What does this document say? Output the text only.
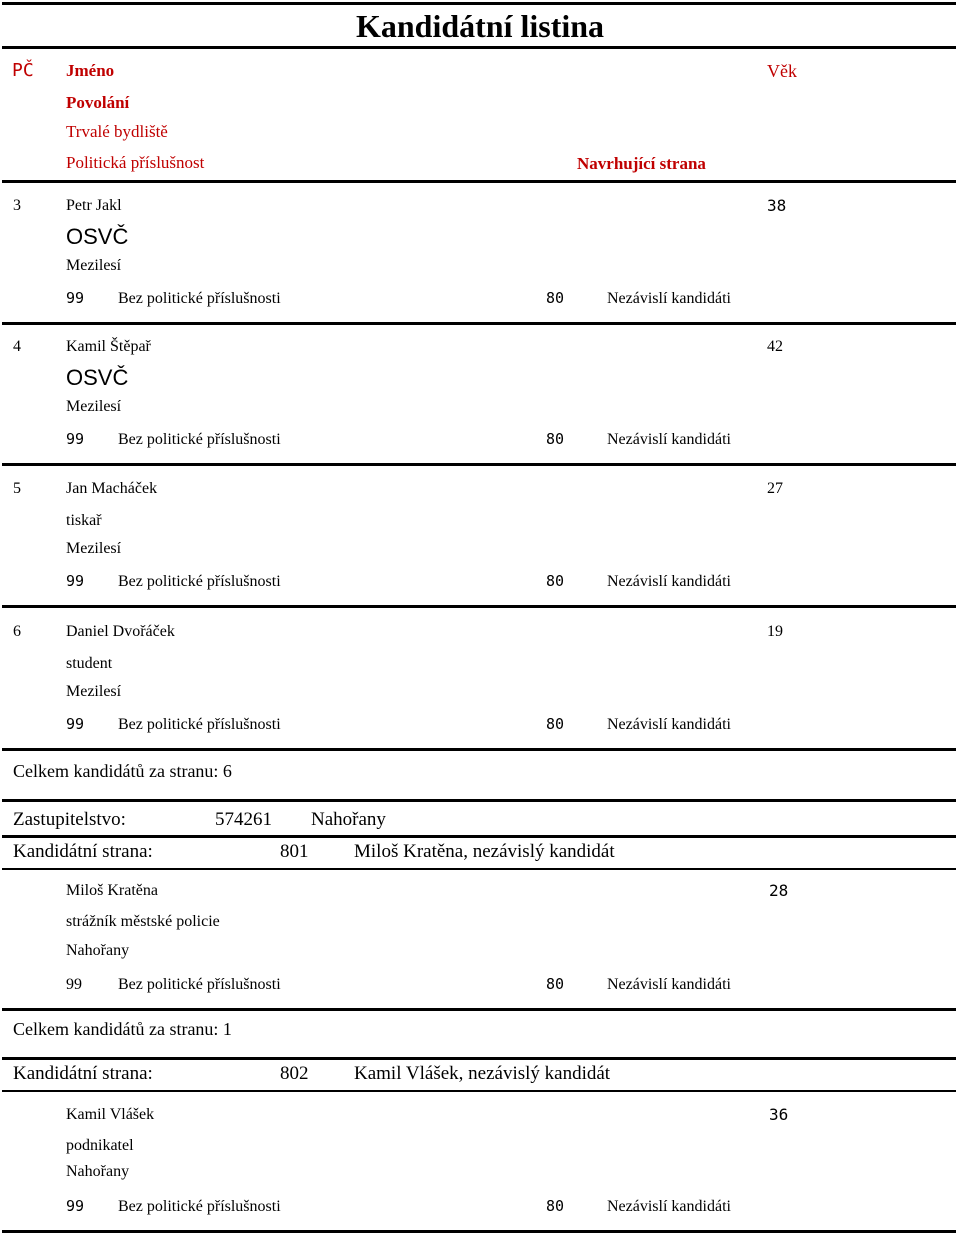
Kandidátní listina
PČ Jméno	Věk
Povolání
Trvalé bydliště
Politická příslušnost	Navrhující strana
3	Petr Jakl	38
OSVČ
Mezilesí
99 Bez politické příslušnosti	80	Nezávislí kandidáti
4	Kamil Štěpař	42
OSVČ
Mezilesí
99 Bez politické příslušnosti	80	Nezávislí kandidáti
5	Jan Macháček	27
tiskař
Mezilesí
99 Bez politické příslušnosti	80	Nezávislí kandidáti
6	Daniel Dvořáček	19
student
Mezilesí
99 Bez politické příslušnosti	80	Nezávislí kandidáti
Celkem kandidátů za stranu: 6
Zastupitelstvo:	574261 Nahořany
Kandidátní strana:	801 Miloš Kratěna, nezávislý kandidát
Miloš Kratěna	28
strážník městské policie
Nahořany
99 Bez politické příslušnosti	80	Nezávislí kandidáti
Celkem kandidátů za stranu: 1
Kandidátní strana:	802 Kamil Vlášek, nezávislý kandidát
Kamil Vlášek	36
podnikatel
Nahořany
99 Bez politické příslušnosti	80	Nezávislí kandidáti
